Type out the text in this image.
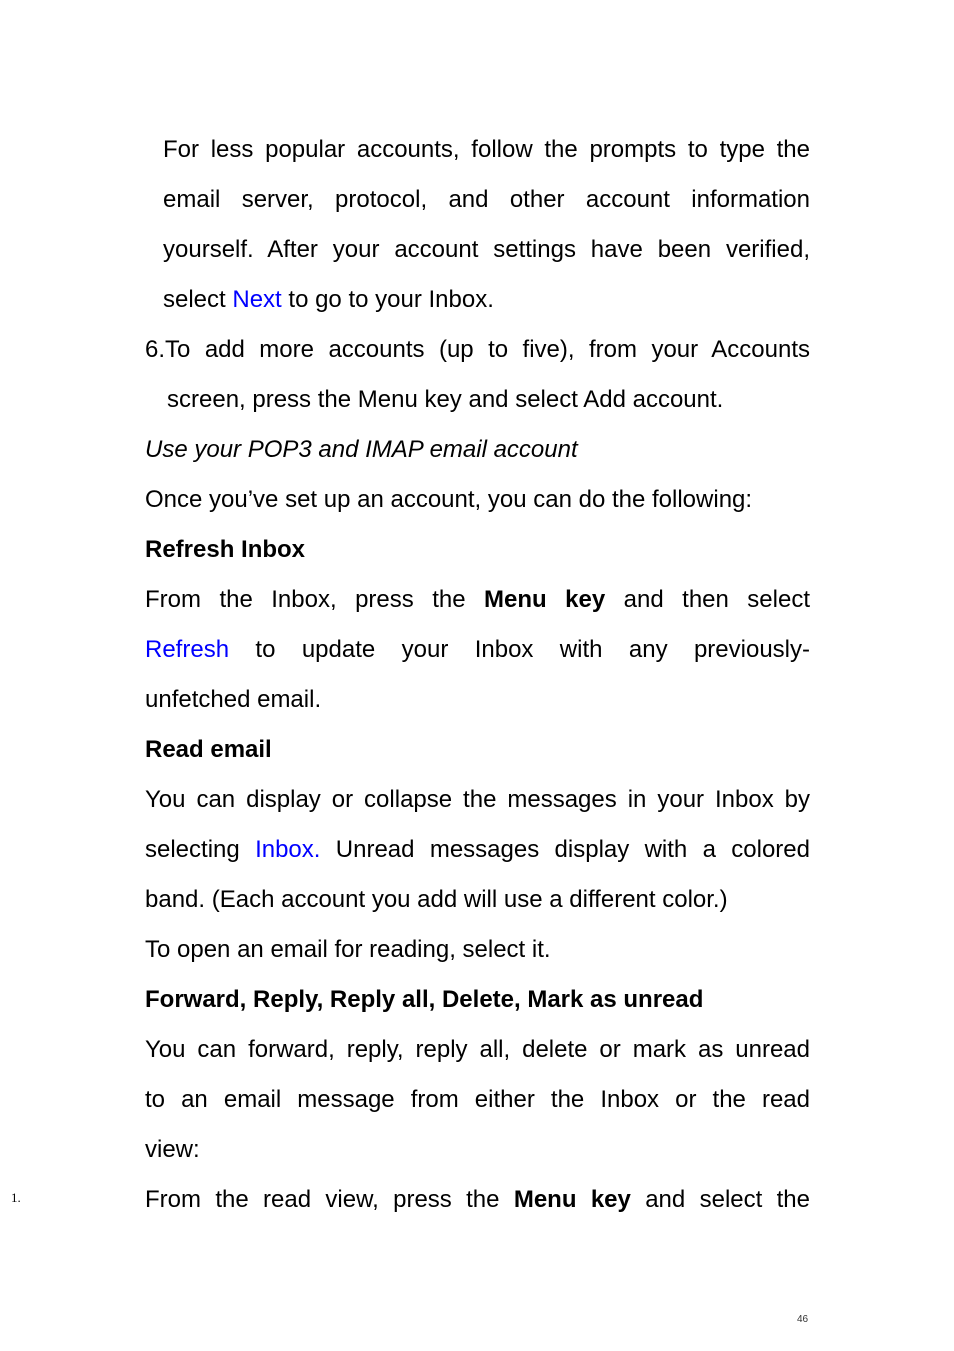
For less popular accounts, follow the prompts to type the
email server, protocol, and other account information
yourself. After your account settings have been verified,
select Next to go to your Inbox.
6.To add more accounts (up to five), from your Accounts
screen, press the Menu key and select Add account.
Use your POP3 and IMAP email account
Once you’ve set up an account, you can do the following:
Refresh Inbox
From the Inbox, press the Menu key and then select
Refresh to update your Inbox with any previously-
unfetched email.
Read email
You can display or collapse the messages in your Inbox by
selecting Inbox. Unread messages display with a colored
band. (Each account you add will use a different color.)
To open an email for reading, select it.
Forward, Reply, Reply all, Delete, Mark as unread
You can forward, reply, reply all, delete or mark as unread
to an email message from either the Inbox or the read
view:
From the read view, press the Menu key and select the
1.
46
